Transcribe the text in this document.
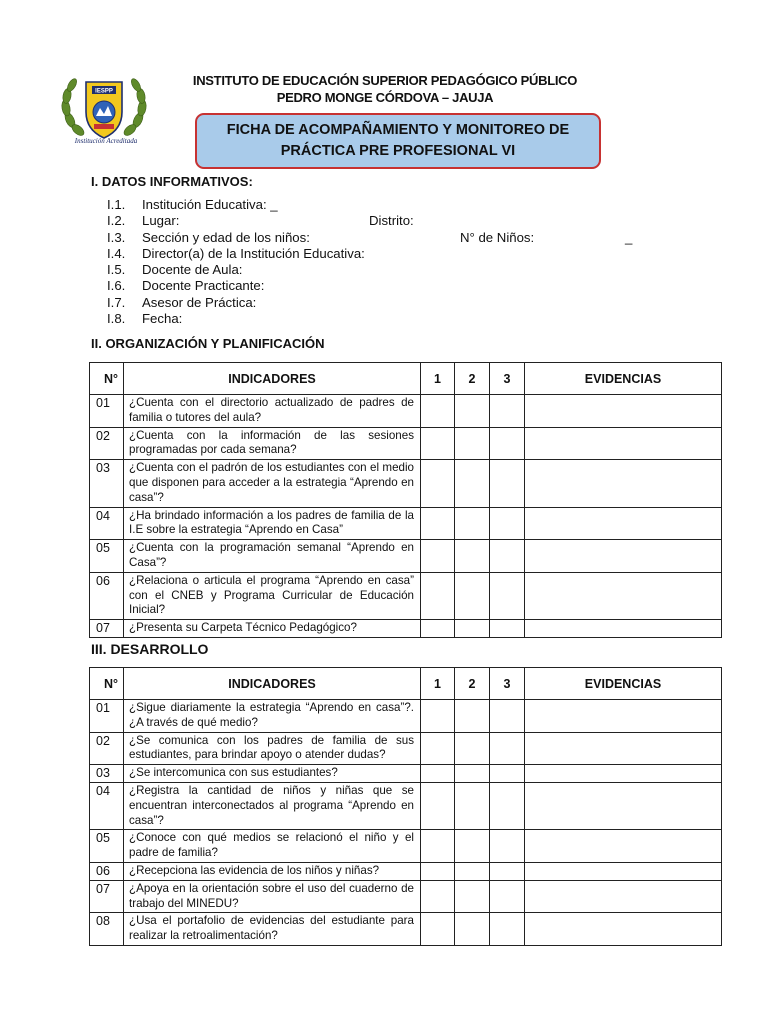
IESPP
Institución Acreditada
INSTITUTO DE EDUCACIÓN SUPERIOR PEDAGÓGICO PÚBLICO
PEDRO MONGE CÓRDOVA – JAUJA
FICHA DE ACOMPAÑAMIENTO Y MONITOREO DE
PRÁCTICA PRE PROFESIONAL VI
I. DATOS INFORMATIVOS:
I.1. Institución Educativa: _
I.2. Lugar:	Distrito:
I.3. Sección y edad de los niños:	N° de Niños:	_
I.4. Director(a) de la Institución Educativa:
I.5. Docente de Aula:
I.6. Docente Practicante:
I.7. Asesor de Práctica:
I.8. Fecha:
II. ORGANIZACIÓN Y PLANIFICACIÓN
N°	INDICADORES	1	2	3	EVIDENCIAS
01	¿Cuenta con el directorio actualizado de padres de familia o tutores del aula?				
02	¿Cuenta con la información de las sesiones programadas por cada semana?				
03	¿Cuenta con el padrón de los estudiantes con el medio que disponen para acceder a la estrategia “Aprendo en casa”?				
04	¿Ha brindado información a los padres de familia de la I.E sobre la estrategia “Aprendo en Casa”				
05	¿Cuenta con la programación semanal “Aprendo en Casa”?				
06	¿Relaciona o articula el programa “Aprendo en casa” con el CNEB y Programa Curricular de Educación Inicial?				
07	¿Presenta su Carpeta Técnico Pedagógico?				
III. DESARROLLO
N°	INDICADORES	1	2	3	EVIDENCIAS
01	¿Sigue diariamente la estrategia “Aprendo en casa”?. ¿A través de qué medio?				
02	¿Se comunica con los padres de familia de sus estudiantes, para brindar apoyo o atender dudas?				
03	¿Se intercomunica con sus estudiantes?				
04	¿Registra la cantidad de niños y niñas que se encuentran interconectados al programa “Aprendo en casa”?				
05	¿Conoce con qué medios se relacionó el niño y el padre de familia?				
06	¿Recepciona las evidencia de los niños y niñas?				
07	¿Apoya en la orientación sobre el uso del cuaderno de trabajo del MINEDU?				
08	¿Usa el portafolio de evidencias del estudiante para realizar la retroalimentación?				
